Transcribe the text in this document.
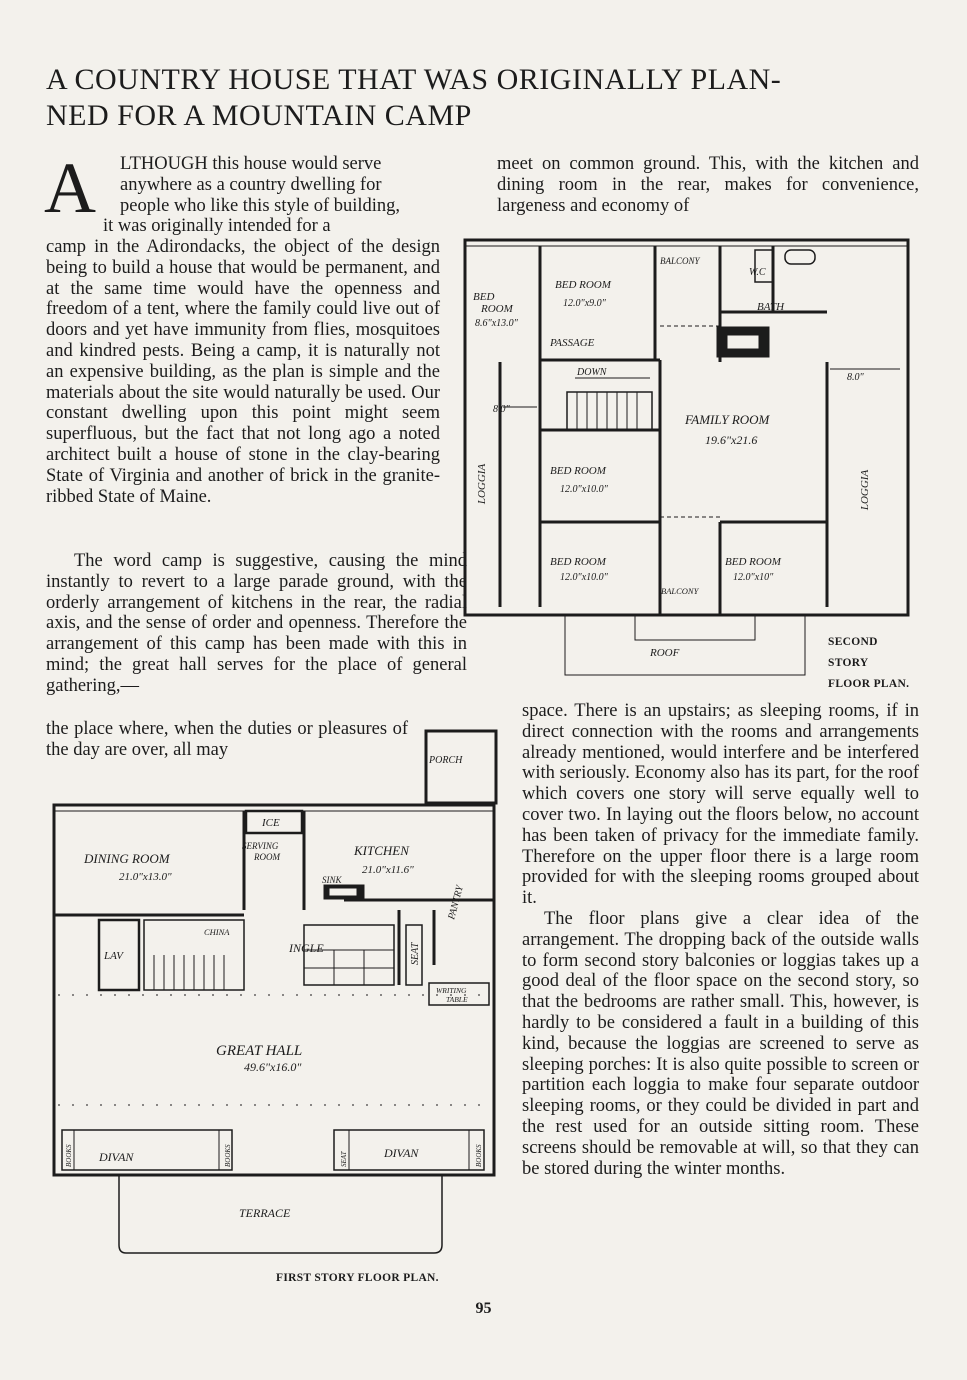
A COUNTRY HOUSE THAT WAS ORIGINALLY PLAN-
NED FOR A MOUNTAIN CAMP
A LTHOUGH this house would serve
anywhere as a country dwelling for
people who like this style of building,
it was originally intended for a

camp in the Adirondacks, the object of the design being to build a house that would be permanent, and at the same time would have the openness and freedom of a tent, where the family could live out of doors and yet have immunity from flies, mosquitoes and kindred pests. Being a camp, it is naturally not an expensive building, as the plan is simple and the materials about the site would naturally be used. Our constant dwelling upon this point might seem superfluous, but the fact that not long ago a noted architect built a house of stone in the clay-bearing State of Virginia and another of brick in the granite-ribbed State of Maine.

The word camp is suggestive, causing the mind instantly to revert to a large parade ground, with the orderly arrangement of kitchens in the rear, the radial axis, and the sense of order and openness. Therefore the arrangement of this camp has been made with this in mind; the great hall serves for the place of general gathering,—

the place where, when the duties or pleasures of the day are over, all may

meet on common ground. This, with the kitchen and dining room in the rear, makes for convenience, largeness and economy of

space. There is an upstairs; as sleeping rooms, if in direct connection with the rooms and arrangements already mentioned, would interfere and be interfered with seriously. Economy also has its part, for the roof which covers one story will serve equally well to cover two. In laying out the floors below, no account has been taken of privacy for the immediate family. Therefore on the upper floor there is a large room provided for with the sleeping rooms grouped about it.

The floor plans give a clear idea of the arrangement. The dropping back of the outside walls to form second story balconies or loggias takes up a good deal of the floor space on the second story, so that the bedrooms are rather small. This, however, is hardly to be considered a fault in a building of this kind, because the loggias are screened to serve as sleeping porches: It is also quite possible to screen or partition each loggia to make four separate outdoor sleeping rooms, or they could be divided in part and the rest used for an outside sitting room. These screens should be removable at will, so that they can be stored during the winter months.

BALCONY
W.C
BATH
BED
ROOM
8.6"x13.0"
BED ROOM
12.0"x9.0"
PASSAGE
DOWN
FAMILY ROOM
19.6"x21.6
BED ROOM
12.0"x10.0"
BED ROOM
12.0"x10.0"
BALCONY
BED ROOM
12.0"x10"
LOGGIA	LOGGIA
8.0"
8.0"
ROOF
SECOND
STORY
FLOOR PLAN.
PORCH
ICE
SERVING
ROOM
DINING ROOM
21.0"x13.0"
KITCHEN
21.0"x11.6"
SINK
PANTRY
CHINA
LAV
INGLE	SEAT
WRITING
TABLE
GREAT HALL
49.6"x16.0"
DIVAN	DIVAN
BOOKS	BOOKS	SEAT	BOOKS
TERRACE
FIRST STORY FLOOR PLAN.
95
